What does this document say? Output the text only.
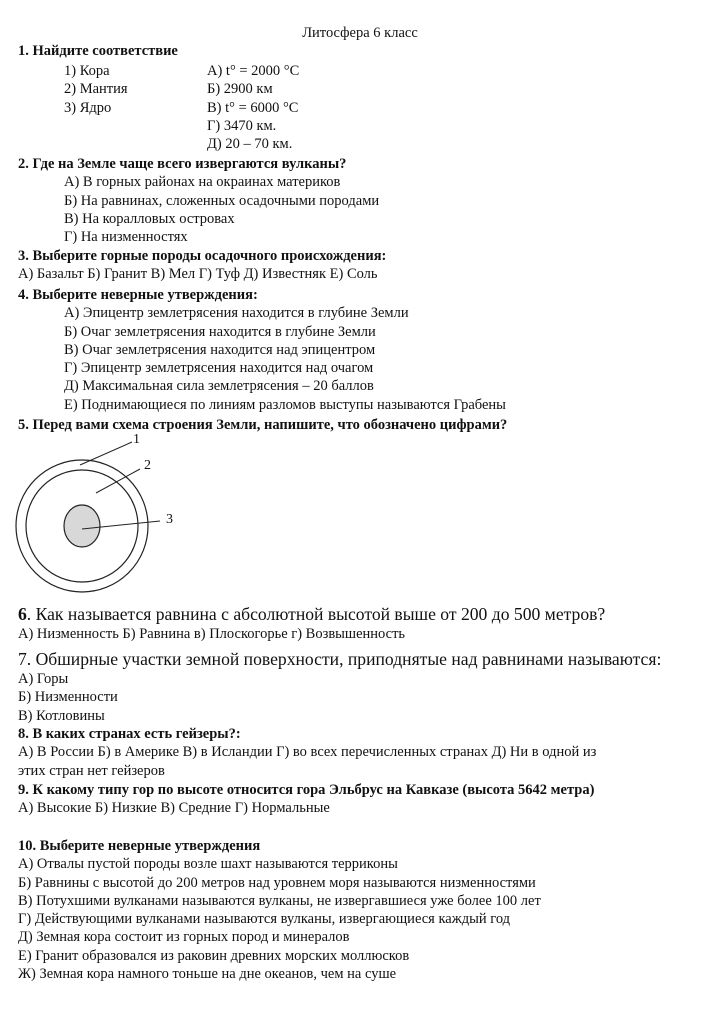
Литосфера 6 класс
1. Найдите соответствие
1) Кора
2) Мантия
3) Ядро
А) t° = 2000 °С
Б) 2900 км
В) t° = 6000 °С
Г) 3470 км.
Д) 20 – 70 км.
2. Где на Земле чаще всего извергаются вулканы?
А) В горных районах на окраинах материков
Б) На равнинах, сложенных осадочными породами
В) На коралловых островах
Г) На низменностях
3. Выберите горные породы осадочного происхождения:
А) Базальт Б) Гранит В) Мел Г) Туф Д) Известняк Е) Соль
4. Выберите неверные утверждения:
А) Эпицентр землетрясения находится в глубине Земли
Б) Очаг землетрясения находится в глубине Земли
В) Очаг землетрясения находится над эпицентром
Г) Эпицентр землетрясения находится над очагом
Д) Максимальная сила землетрясения – 20 баллов
Е) Поднимающиеся по линиям разломов выступы называются Грабены
5. Перед вами схема строения Земли, напишите, что обозначено цифрами?
1
2
3
6. Как называется равнина с абсолютной высотой выше от 200 до 500 метров?
А) Низменность Б) Равнина в) Плоскогорье г) Возвышенность
7. Обширные участки земной поверхности, приподнятые над равнинами называются:
А) Горы
Б) Низменности
В) Котловины
8. В каких странах есть гейзеры?:
А) В России Б) в Америке В) в Исландии Г) во всех перечисленных странах Д) Ни в одной из
этих стран нет гейзеров
9. К какому типу гор по высоте относится гора Эльбрус на Кавказе (высота 5642 метра)
А) Высокие Б) Низкие В) Средние Г) Нормальные
10. Выберите неверные утверждения
А) Отвалы пустой породы возле шахт называются терриконы
Б) Равнины с высотой до 200 метров над уровнем моря называются низменностями
В) Потухшими вулканами называются вулканы, не извергавшиеся уже более 100 лет
Г) Действующими вулканами называются вулканы, извергающиеся каждый год
Д) Земная кора состоит из горных пород и минералов
Е) Гранит образовался из раковин древних морских моллюсков
Ж) Земная кора намного тоньше на дне океанов, чем на суше
